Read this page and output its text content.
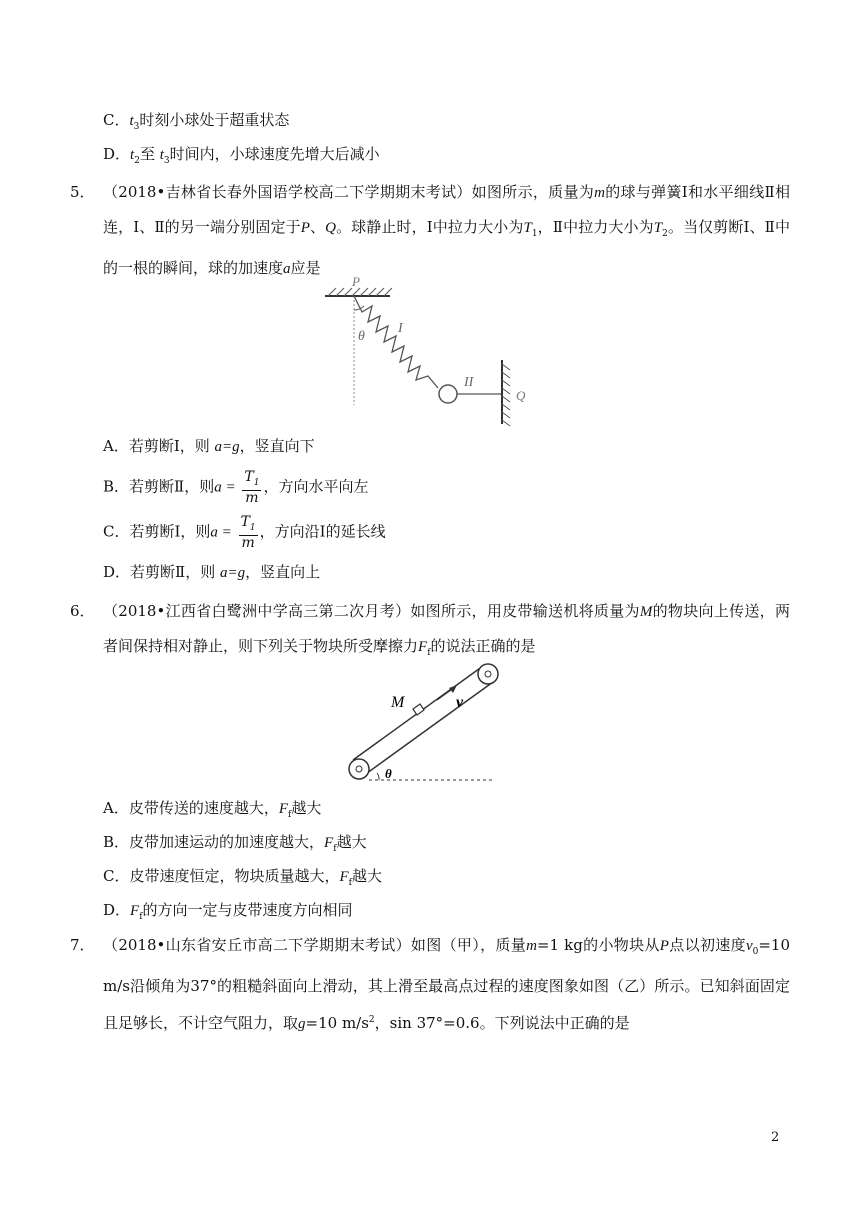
C．$t_3$时刻小球处于超重状态
D．$t_2$至 $t_3$时间内，小球速度先增大后减小
5． （2018•吉林省长春外国语学校高二下学期期末考试）如图所示，质量为m的球与弹簧Ⅰ和水平细线Ⅱ相连，Ⅰ、Ⅱ的另一端分别固定于P、Q。球静止时，Ⅰ中拉力大小为$T_1$，Ⅱ中拉力大小为$T_2$。当仅剪断Ⅰ、Ⅱ中的一根的瞬间，球的加速度a应是
P
θ
I
II
Q
A．若剪断Ⅰ，则 a=g，竖直向下
B．若剪断Ⅱ，则$a = \frac{T_1}{m}$ ，方向水平向左
C．若剪断Ⅰ，则$a = \frac{T_1}{m}$ ，方向沿Ⅰ的延长线
D．若剪断Ⅱ，则 a=g，竖直向上
6． （2018•江西省白鹭洲中学高三第二次月考）如图所示，用皮带输送机将质量为M的物块向上传送，两者间保持相对静止，则下列关于物块所受摩擦力$F_f$的说法正确的是
M	v
θ
A．皮带传送的速度越大，$F_f$越大
B．皮带加速运动的加速度越大，$F_f$越大
C．皮带速度恒定，物块质量越大，$F_f$越大
D．$F_f$的方向一定与皮带速度方向相同
7． （2018•山东省安丘市高二下学期期末考试）如图（甲），质量m=1 kg的小物块从P点以初速度$v_0=10$ m/s沿倾角为37°的粗糙斜面向上滑动，其上滑至最高点过程的速度图象如图（乙）所示。已知斜面固定且足够长，不计空气阻力，取g=10 $m/s^2$，sin 37°=0.6。下列说法中正确的是
2
